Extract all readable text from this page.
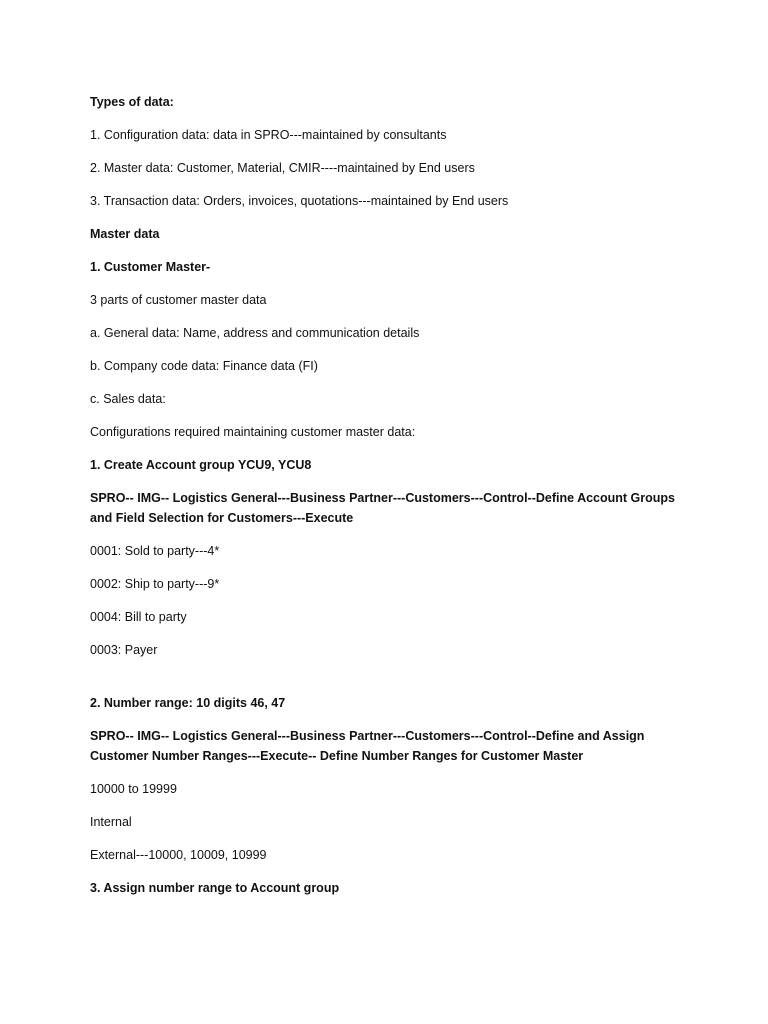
Types of data:

1. Configuration data: data in SPRO---maintained by consultants

2. Master data: Customer, Material, CMIR----maintained by End users

3. Transaction data: Orders, invoices, quotations---maintained by End users

Master data

1. Customer Master-

3 parts of customer master data

a. General data: Name, address and communication details

b. Company code data: Finance data (FI)

c. Sales data:

Configurations required maintaining customer master data:

1. Create Account group YCU9, YCU8

SPRO-- IMG-- Logistics General---Business Partner---Customers---Control--Define Account Groups and Field Selection for Customers---Execute

0001: Sold to party---4*

0002: Ship to party---9*

0004: Bill to party

0003: Payer

2. Number range: 10 digits 46, 47

SPRO-- IMG-- Logistics General---Business Partner---Customers---Control--Define and Assign Customer Number Ranges---Execute-- Define Number Ranges for Customer Master

10000 to 19999

Internal

External---10000, 10009, 10999

3. Assign number range to Account group
